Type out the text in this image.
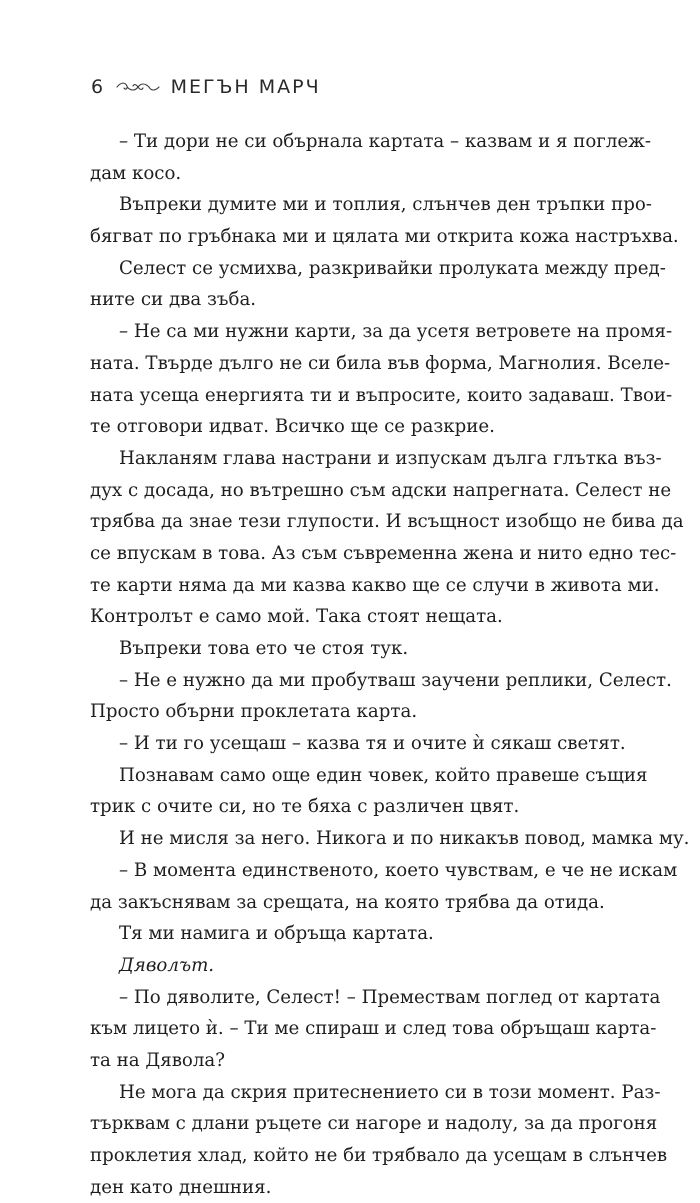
6	МЕГЪН МАРЧ
– Ти дори не си обърнала картата – казвам и я поглеж-
дам косо.
Въпреки думите ми и топлия, слънчев ден тръпки про-
бягват по гръбнака ми и цялата ми открита кожа настръхва.
Селест се усмихва, разкривайки пролуката между пред-
ните си два зъба.
– Не са ми нужни карти, за да усетя ветровете на промя-
ната. Твърде дълго не си била във форма, Магнолия. Вселе-
ната усеща енергията ти и въпросите, които задаваш. Твои-
те отговори идват. Всичко ще се разкрие.
Накланям глава настрани и изпускам дълга глътка въз-
дух с досада, но вътрешно съм адски напрегната. Селест не
трябва да знае тези глупости. И всъщност изобщо не бива да
се впускам в това. Аз съм съвременна жена и нито едно тес-
те карти няма да ми казва какво ще се случи в живота ми.
Контролът е само мой. Така стоят нещата.
Въпреки това ето че стоя тук.
– Не е нужно да ми пробутваш заучени реплики, Селест.
Просто обърни проклетата карта.
– И ти го усещаш – казва тя и очите ѝ сякаш светят.
Познавам само още един човек, който правеше същия
трик с очите си, но те бяха с различен цвят.
И не мисля за него. Никога и по никакъв повод, мамка му.
– В момента единственото, което чувствам, е че не искам
да закъснявам за срещата, на която трябва да отида.
Тя ми намига и обръща картата.
Дяволът.
– По дяволите, Селест! – Премествам поглед от картата
към лицето ѝ. – Ти ме спираш и след това обръщаш карта-
та на Дявола?
Не мога да скрия притеснението си в този момент. Раз-
търквам с длани ръцете си нагоре и надолу, за да прогоня
проклетия хлад, който не би трябвало да усещам в слънчев
ден като днешния.
